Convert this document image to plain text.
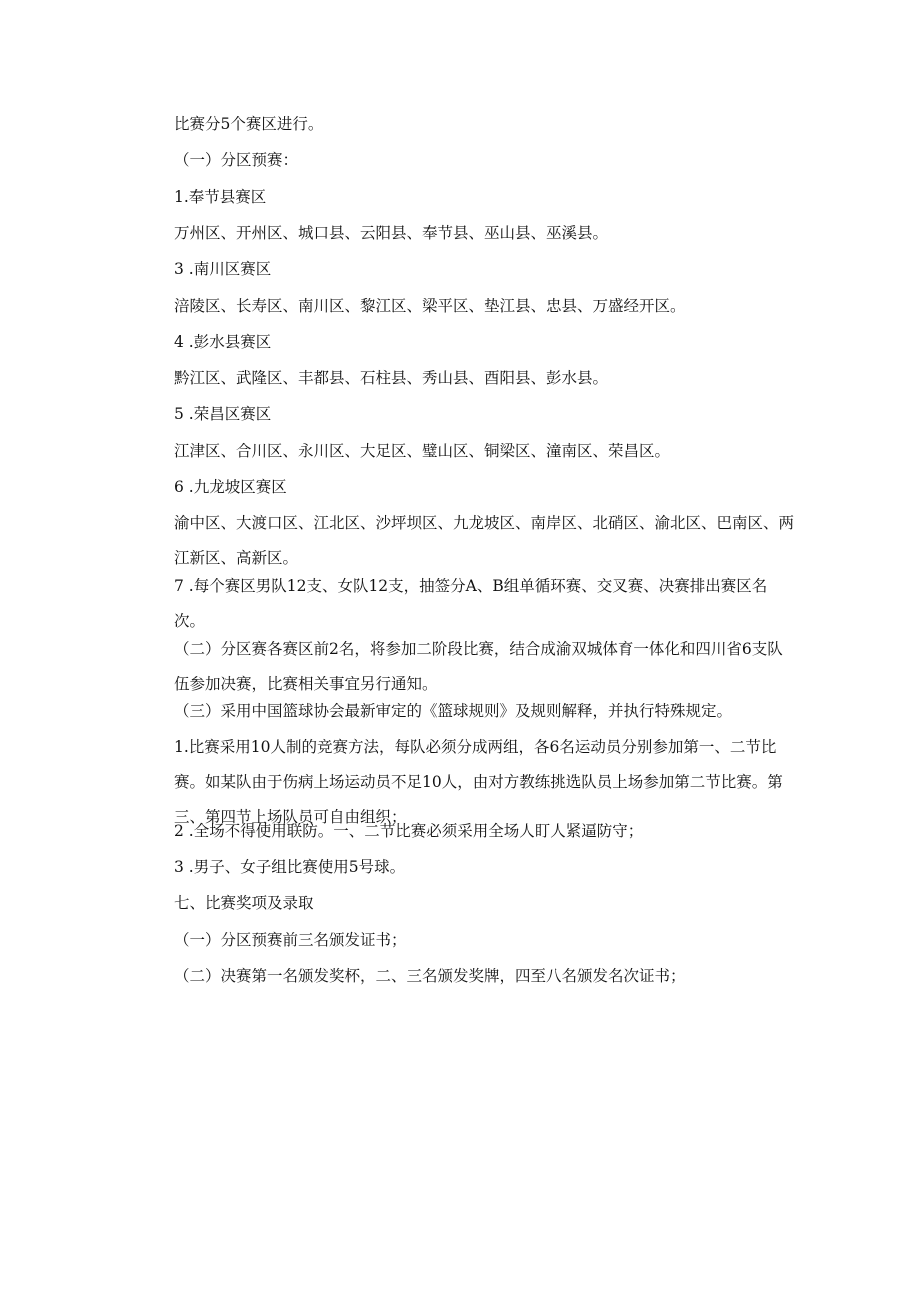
比赛分5个赛区进行。
（一）分区预赛：
1.奉节县赛区
万州区、开州区、城口县、云阳县、奉节县、巫山县、巫溪县。
3 .南川区赛区
涪陵区、长寿区、南川区、黎江区、梁平区、垫江县、忠县、万盛经开区。
4 .彭水县赛区
黔江区、武隆区、丰都县、石柱县、秀山县、酉阳县、彭水县。
5 .荣昌区赛区
江津区、合川区、永川区、大足区、璧山区、铜梁区、潼南区、荣昌区。
6 .九龙坡区赛区
渝中区、大渡口区、江北区、沙坪坝区、九龙坡区、南岸区、北硝区、渝北区、巴南区、两江新区、高新区。
7 .每个赛区男队12支、女队12支，抽签分A、B组单循环赛、交叉赛、决赛排出赛区名次。
（二）分区赛各赛区前2名，将参加二阶段比赛，结合成渝双城体育一体化和四川省6支队伍参加决赛，比赛相关事宜另行通知。
（三）采用中国篮球协会最新审定的《篮球规则》及规则解释，并执行特殊规定。
1.比赛采用10人制的竞赛方法，每队必须分成两组，各6名运动员分别参加第一、二节比赛。如某队由于伤病上场运动员不足10人，由对方教练挑选队员上场参加第二节比赛。第三、第四节上场队员可自由组织；
2 .全场不得使用联防。一、二节比赛必须采用全场人盯人紧逼防守；
3 .男子、女子组比赛使用5号球。
七、比赛奖项及录取
（一）分区预赛前三名颁发证书；
（二）决赛第一名颁发奖杯，二、三名颁发奖牌，四至八名颁发名次证书；
